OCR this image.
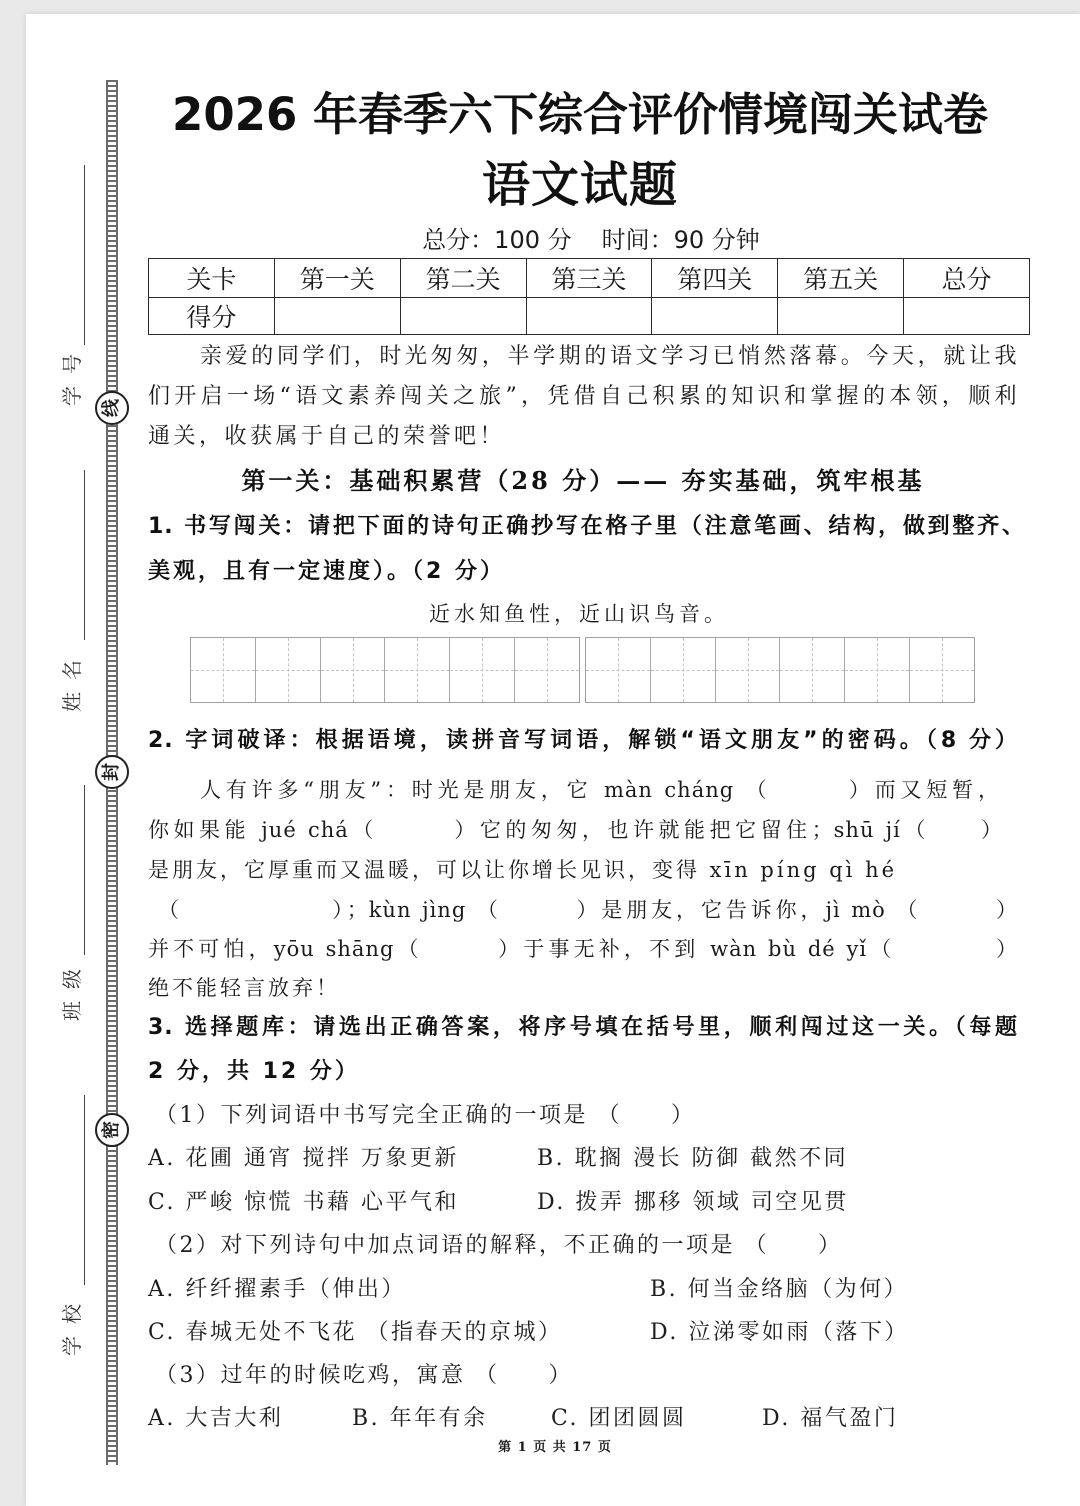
学号
姓名
班级
学校
线
封
密
2026 年春季六下综合评价情境闯关试卷
语文试题
总分：100 分 时间：90 分钟
关卡	第一关	第二关	第三关	第四关	第五关	总分
得分						
亲爱的同学们，时光匆匆，半学期的语文学习已悄然落幕。今天，就让我
们开启一场“语文素养闯关之旅”，凭借自己积累的知识和掌握的本领，顺利
通关，收获属于自己的荣誉吧！
第一关：基础积累营（28 分）—— 夯实基础，筑牢根基
1. 书写闯关：请把下面的诗句正确抄写在格子里（注意笔画、结构，做到整齐、
美观，且有一定速度）。（2 分）
近水知鱼性，近山识鸟音。
2. 字词破译：根据语境，读拼音写词语，解锁“语文朋友”的密码。（8 分）
人有许多“朋友”：时光是朋友，它 màn cháng （　　　）而又短暂，
你如果能 jué chá（　　　）它的匆匆，也许就能把它留住；shū jí（　　）
是朋友，它厚重而又温暖，可以让你增长见识，变得 xīn píng qì hé
（　　　　　　）；kùn jìng （　　　）是朋友，它告诉你，jì mò （　　　）
并不可怕，yōu shāng（　　　）于事无补，不到 wàn bù dé yǐ（　　　　）
绝不能轻言放弃！
3. 选择题库：请选出正确答案，将序号填在括号里，顺利闯过这一关。（每题
2 分，共 12 分）
（1）下列词语中书写完全正确的一项是 （　　）
A. 花圃 通宵 搅拌 万象更新	B. 耽搁 漫长 防御 截然不同
C. 严峻 惊慌 书藉 心平气和	D. 拨弄 挪移 领域 司空见贯
（2）对下列诗句中加点词语的解释，不正确的一项是 （　　）
A. 纤纤擢素手（伸出）	B. 何当金络脑（为何）
C. 春城无处不飞花 （指春天的京城）	D. 泣涕零如雨（落下）
（3）过年的时候吃鸡，寓意 （　　）
A. 大吉大利	B. 年年有余	C. 团团圆圆	D. 福气盈门
第 1 页 共 17 页
